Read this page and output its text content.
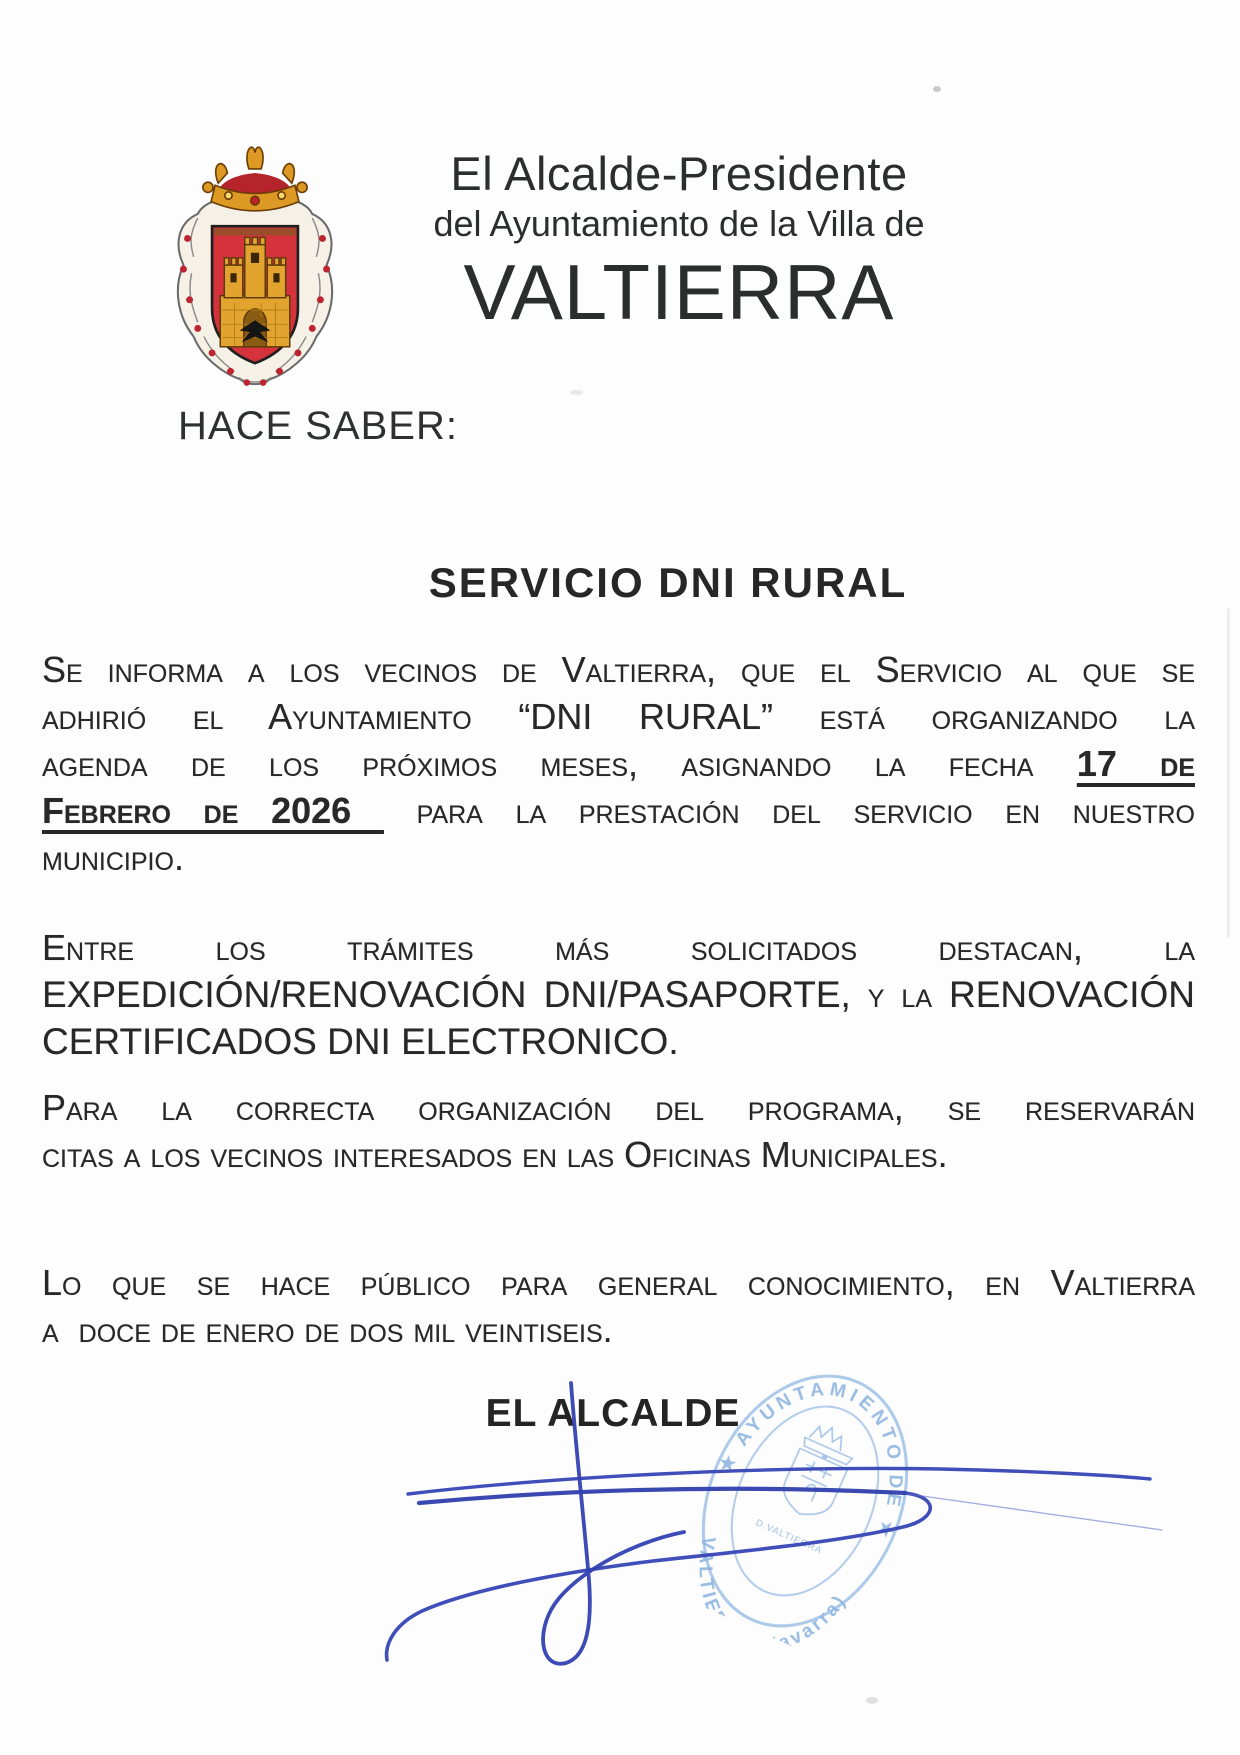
El Alcalde-Presidente
del Ayuntamiento de la Villa de
VALTIERRA
HACE SABER:
SERVICIO DNI RURAL
Se informa a los vecinos de Valtierra, que el Servicio al que se
adhirió el Ayuntamiento “DNI RURAL” está organizando la
agenda de los próximos meses, asignando la fecha 17 de
Febrero de 2026  para la prestación del servicio en nuestro
municipio.
Entre los trámites más solicitados destacan, la
EXPEDICIÓN/RENOVACIÓN DNI/PASAPORTE, y la RENOVACIÓN
CERTIFICADOS DNI ELECTRONICO.
Para la correcta organización del programa, se reservarán
citas a los vecinos interesados en las Oficinas Municipales.
Lo que se hace público para general conocimiento, en Valtierra
a  doce de enero de dos mil veintiseis.
EL ALCALDE
★ AYUNTAMIENTO DE ★
VALTIERRA (Navarra)
D.VALTIERRA
